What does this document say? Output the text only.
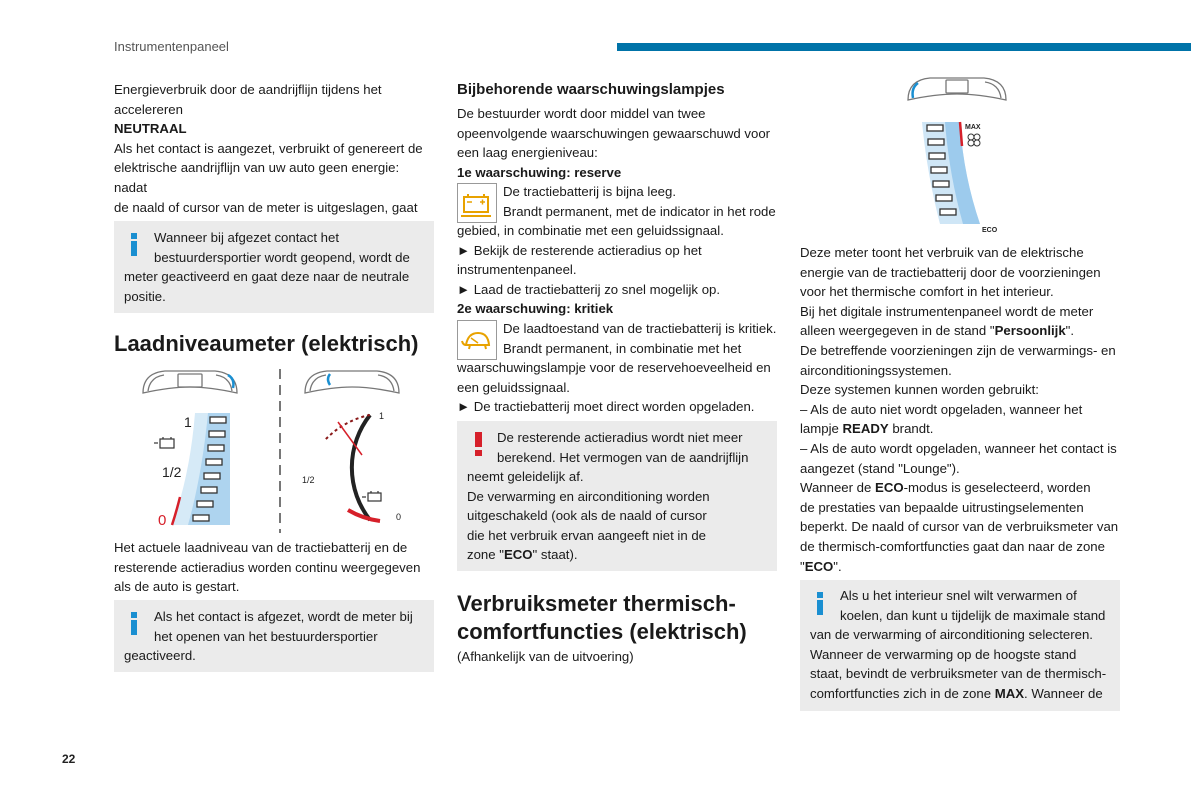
Instrumentenpaneel

Energieverbruik door de aandrijflijn tijdens het

accelereren

NEUTRAAL

Als het contact is aangezet, verbruikt of genereert de

elektrische aandrijflijn van uw auto geen energie: nadat

de naald of cursor van de meter is uitgeslagen, gaat

Wanneer bij afgezet contact het

bestuurdersportier wordt geopend, wordt de

meter geactiveerd en gaat deze naar de neutrale

positie.

Laadniveaumeter (elektrisch)
1
1/2
0
1
1/2
0

Het actuele laadniveau van de tractiebatterij en de

resterende actieradius worden continu weergegeven

als de auto is gestart.

Als het contact is afgezet, wordt de meter bij

het openen van het bestuurdersportier

geactiveerd.

Bijbehorende waarschuwingslampjes

De bestuurder wordt door middel van twee

opeenvolgende waarschuwingen gewaarschuwd voor

een laag energieniveau:

1e waarschuwing: reserve

De tractiebatterij is bijna leeg.

Brandt permanent, met de indicator in het rode

gebied, in combinatie met een geluidssignaal.

► Bekijk de resterende actieradius op het

instrumentenpaneel.

► Laad de tractiebatterij zo snel mogelijk op.

2e waarschuwing: kritiek

De laadtoestand van de tractiebatterij is kritiek.

Brandt permanent, in combinatie met het

waarschuwingslampje voor de reservehoeveelheid en

een geluidssignaal.

► De tractiebatterij moet direct worden opgeladen.

De resterende actieradius wordt niet meer

berekend. Het vermogen van de aandrijflijn

neemt geleidelijk af.

De verwarming en airconditioning worden

uitgeschakeld (ook als de naald of cursor

die het verbruik ervan aangeeft niet in de

zone "ECO" staat).

Verbruiksmeter thermisch-
comfortfuncties (elektrisch)

(Afhankelijk van de uitvoering)

MAX
ECO

Deze meter toont het verbruik van de elektrische

energie van de tractiebatterij door de voorzieningen

voor het thermische comfort in het interieur.

Bij het digitale instrumentenpaneel wordt de meter

alleen weergegeven in de stand "Persoonlijk".

De betreffende voorzieningen zijn de verwarmings- en

airconditioningssystemen.

Deze systemen kunnen worden gebruikt:

– Als de auto niet wordt opgeladen, wanneer het

lampje READY brandt.

– Als de auto wordt opgeladen, wanneer het contact is

aangezet (stand "Lounge").

Wanneer de ECO-modus is geselecteerd, worden

de prestaties van bepaalde uitrustingselementen

beperkt. De naald of cursor van de verbruiksmeter van

de thermisch-comfortfuncties gaat dan naar de zone

"ECO".

Als u het interieur snel wilt verwarmen of

koelen, dan kunt u tijdelijk de maximale stand

van de verwarming of airconditioning selecteren.

Wanneer de verwarming op de hoogste stand

staat, bevindt de verbruiksmeter van de thermisch-

comfortfuncties zich in de zone MAX. Wanneer de

22
